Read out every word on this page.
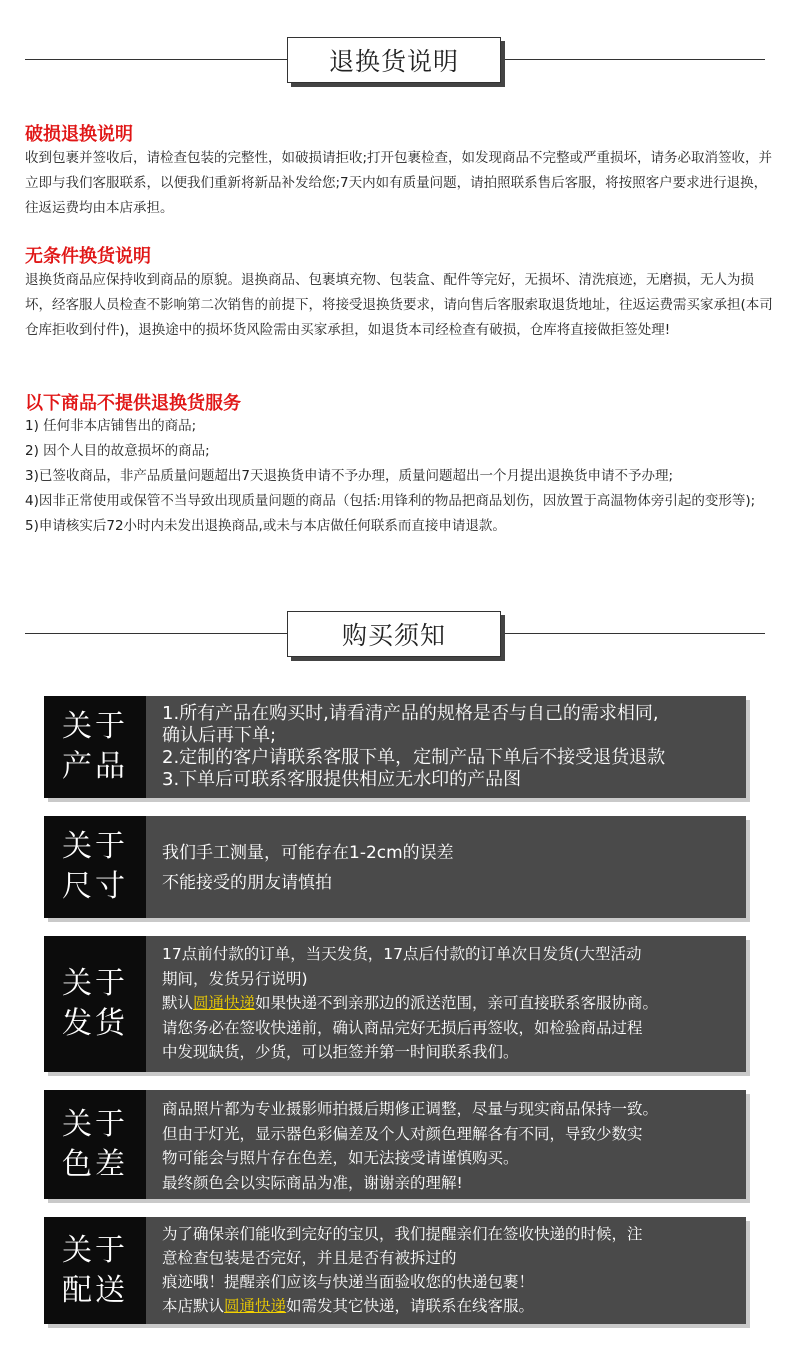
退换货说明
破损退换说明

收到包裹并签收后，请检查包装的完整性，如破损请拒收;打开包裹检查，如发现商品不完整或严重损坏，请务必取消签收，并立即与我们客服联系，以便我们重新将新品补发给您;7天内如有质量问题，请拍照联系售后客服，将按照客户要求进行退换，往返运费均由本店承担。

无条件换货说明

退换货商品应保持收到商品的原貌。退换商品、包裹填充物、包装盒、配件等完好，无损坏、清洗痕迹，无磨损，无人为损坏，经客服人员检查不影响第二次销售的前提下，将接受退换货要求，请向售后客服索取退货地址，往返运费需买家承担(本司仓库拒收到付件)，退换途中的损坏货风险需由买家承担，如退货本司经检查有破损，仓库将直接做拒签处理!

以下商品不提供退换货服务
1) 任何非本店铺售出的商品;
2) 因个人目的故意损坏的商品;
3)已签收商品，非产品质量问题超出7天退换货申请不予办理，质量问题超出一个月提出退换货申请不予办理;
4)因非正常使用或保管不当导致出现质量问题的商品（包括:用锋利的物品把商品划伤，因放置于高温物体旁引起的变形等);
5)申请核实后72小时内未发出退换商品,或未与本店做任何联系而直接申请退款。
购买须知
关于
产品

1.所有产品在购买时,请看清产品的规格是否与自己的需求相同,

确认后再下单;

2.定制的客户请联系客服下单，定制产品下单后不接受退货退款

3.下单后可联系客服提供相应无水印的产品图

关于
尺寸

我们手工测量，可能存在1-2cm的误差

不能接受的朋友请慎拍

关于
发货

17点前付款的订单，当天发货，17点后付款的订单次日发货(大型活动

期间，发货另行说明)

默认圆通快递如果快递不到亲那边的派送范围，亲可直接联系客服协商。

请您务必在签收快递前，确认商品完好无损后再签收，如检验商品过程

中发现缺货，少货，可以拒签并第一时间联系我们。

关于
色差

商品照片都为专业摄影师拍摄后期修正调整，尽量与现实商品保持一致。

但由于灯光，显示器色彩偏差及个人对颜色理解各有不同，导致少数实

物可能会与照片存在色差，如无法接受请谨慎购买。

最终颜色会以实际商品为准，谢谢亲的理解!

关于
配送

为了确保亲们能收到完好的宝贝，我们提醒亲们在签收快递的时候，注

意检查包装是否完好，并且是否有被拆过的

痕迹哦！提醒亲们应该与快递当面验收您的快递包裹！

本店默认圆通快递如需发其它快递，请联系在线客服。
